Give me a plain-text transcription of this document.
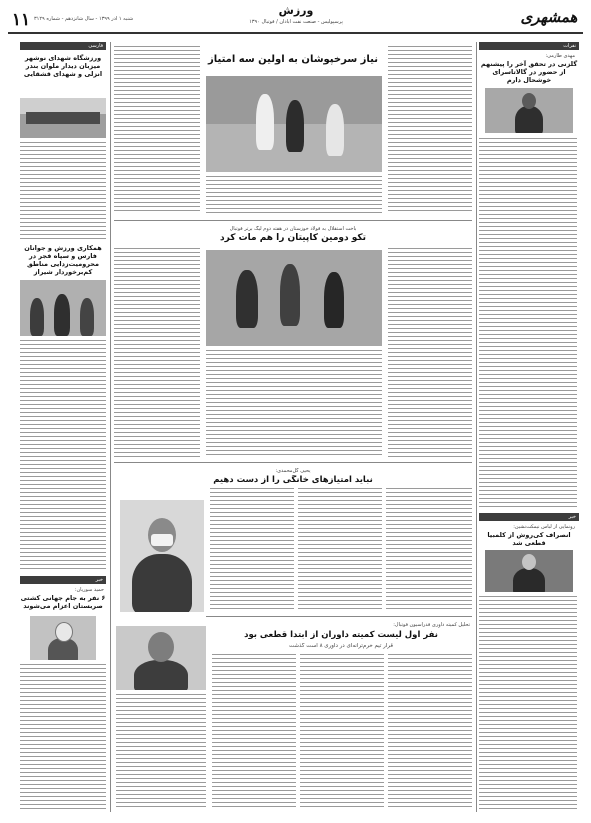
۱۱ شنبه ۱ آذر ۱۳۹۹ - سال شانزدهم - شماره ۳۱۲۹
ورزش
پرسپولیس - صنعت نفت آبادان / فوتبال ۱۳۹۰	همشهری
نفرات
مهدی طارمی:
گلزنی در تحقق آخر را پیشنهم از حضور در گالاتاسرای خوشحال دارم
خبر
رونمایی از لباس نیمکت‌نشین:
انصراف کی‌روش از کلمبیا قطعی شد
فارسی
ورزشگاه شهدای نوشهر میزبان دیدار ملوان بندر انزلی و شهدای قشقایی
همکاری ورزش و جوانان فارس و سپاه فجر در محرومیت‌زدایی مناطق کم‌برخوردار شیراز
خبر
حمید سوریان:
۶ نفر به جام جهانی کشتی صربستان اعزام می‌شوند
نیاز سرخپوشان به اولین سه امتیاز
باخت استقلال به فولاد خوزستان در هفته دوم لیگ برتر فوتبال
تکو دومین کاپیتان را هم مات کرد
یحیی گل‌محمدی:
نباید امتیازهای خانگی را از دست دهیم
تحلیل کمیته داوری فدراسیون فوتبال:
نفر اول لیست کمیته داوران از ابتدا قطعی بود
قرار تیم خرم‌ترانه‌ای در داوری ۸ است گذشت
